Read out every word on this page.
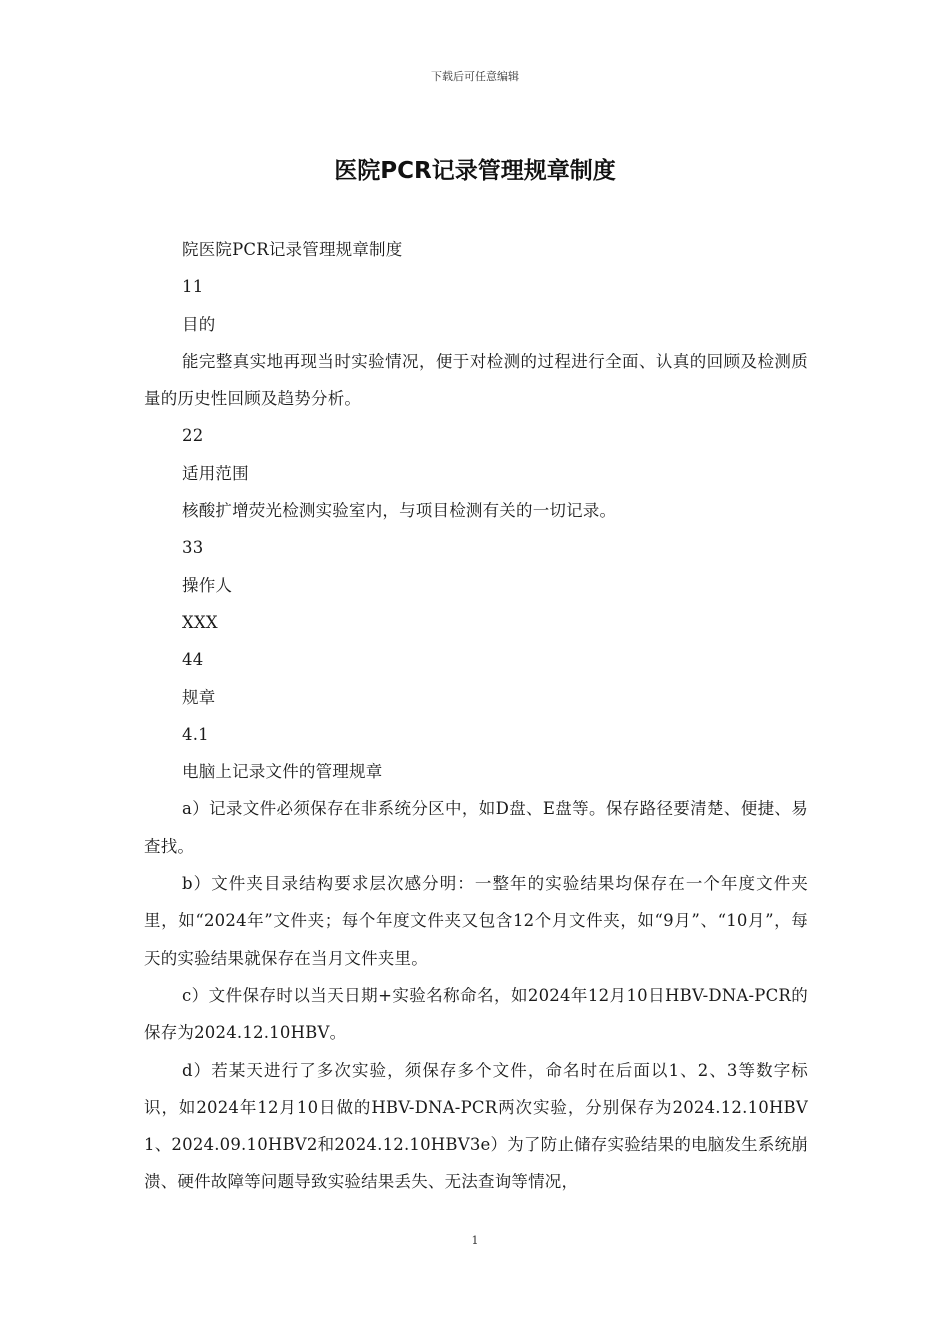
下载后可任意编辑
医院PCR记录管理规章制度

院医院PCR记录管理规章制度

11

目的

能完整真实地再现当时实验情况，便于对检测的过程进行全面、认真的回顾及检测质量的历史性回顾及趋势分析。

22

适用范围

核酸扩增荧光检测实验室内，与项目检测有关的一切记录。

33

操作人

XXX

44

规章

4.1

电脑上记录文件的管理规章

a）记录文件必须保存在非系统分区中，如D盘、E盘等。保存路径要清楚、便捷、易查找。

b）文件夹目录结构要求层次感分明：一整年的实验结果均保存在一个年度文件夹里，如“2024年”文件夹；每个年度文件夹又包含12个月文件夹，如“9月”、“10月”，每天的实验结果就保存在当月文件夹里。

c）文件保存时以当天日期+实验名称命名，如2024年12月10日HBV-DNA-PCR的保存为2024.12.10HBV。

d）若某天进行了多次实验，须保存多个文件，命名时在后面以1、2、3等数字标识，如2024年12月10日做的HBV-DNA-PCR两次实验，分别保存为2024.12.10HBV1、2024.09.10HBV2和2024.12.10HBV3e）为了防止储存实验结果的电脑发生系统崩溃、硬件故障等问题导致实验结果丢失、无法查询等情况，

1
